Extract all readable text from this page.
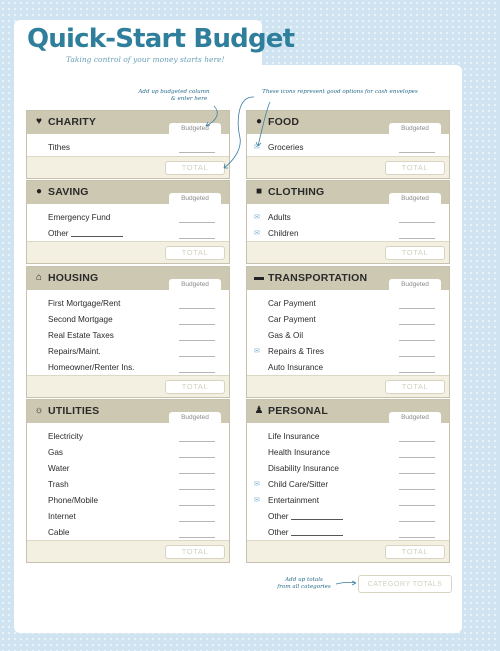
Quick-Start Budget
Taking control of your money starts here!
Add up budgeted column
& enter here
These icons represent good options for cash envelopes
Add up totals
from all categories
♥ CHARITY
Budgeted
Tithes
TOTAL
● SAVING
Budgeted
Emergency Fund
Other
TOTAL
⌂ HOUSING
Budgeted
First Mortgage/Rent
Second Mortgage
Real Estate Taxes
Repairs/Maint.
Homeowner/Renter Ins.
TOTAL
☼ UTILITIES
Budgeted
Electricity
Gas
Water
Trash
Phone/Mobile
Internet
Cable
TOTAL
● FOOD
Budgeted
✉ Groceries
TOTAL
■ CLOTHING
Budgeted
✉ Adults
✉ Children
TOTAL
▬ TRANSPORTATION
Budgeted
Car Payment
Car Payment
Gas & Oil
✉ Repairs & Tires
Auto Insurance
TOTAL
♟ PERSONAL
Budgeted
Life Insurance
Health Insurance
Disability Insurance
✉ Child Care/Sitter
✉ Entertainment
Other
Other
TOTAL
CATEGORY TOTALS
